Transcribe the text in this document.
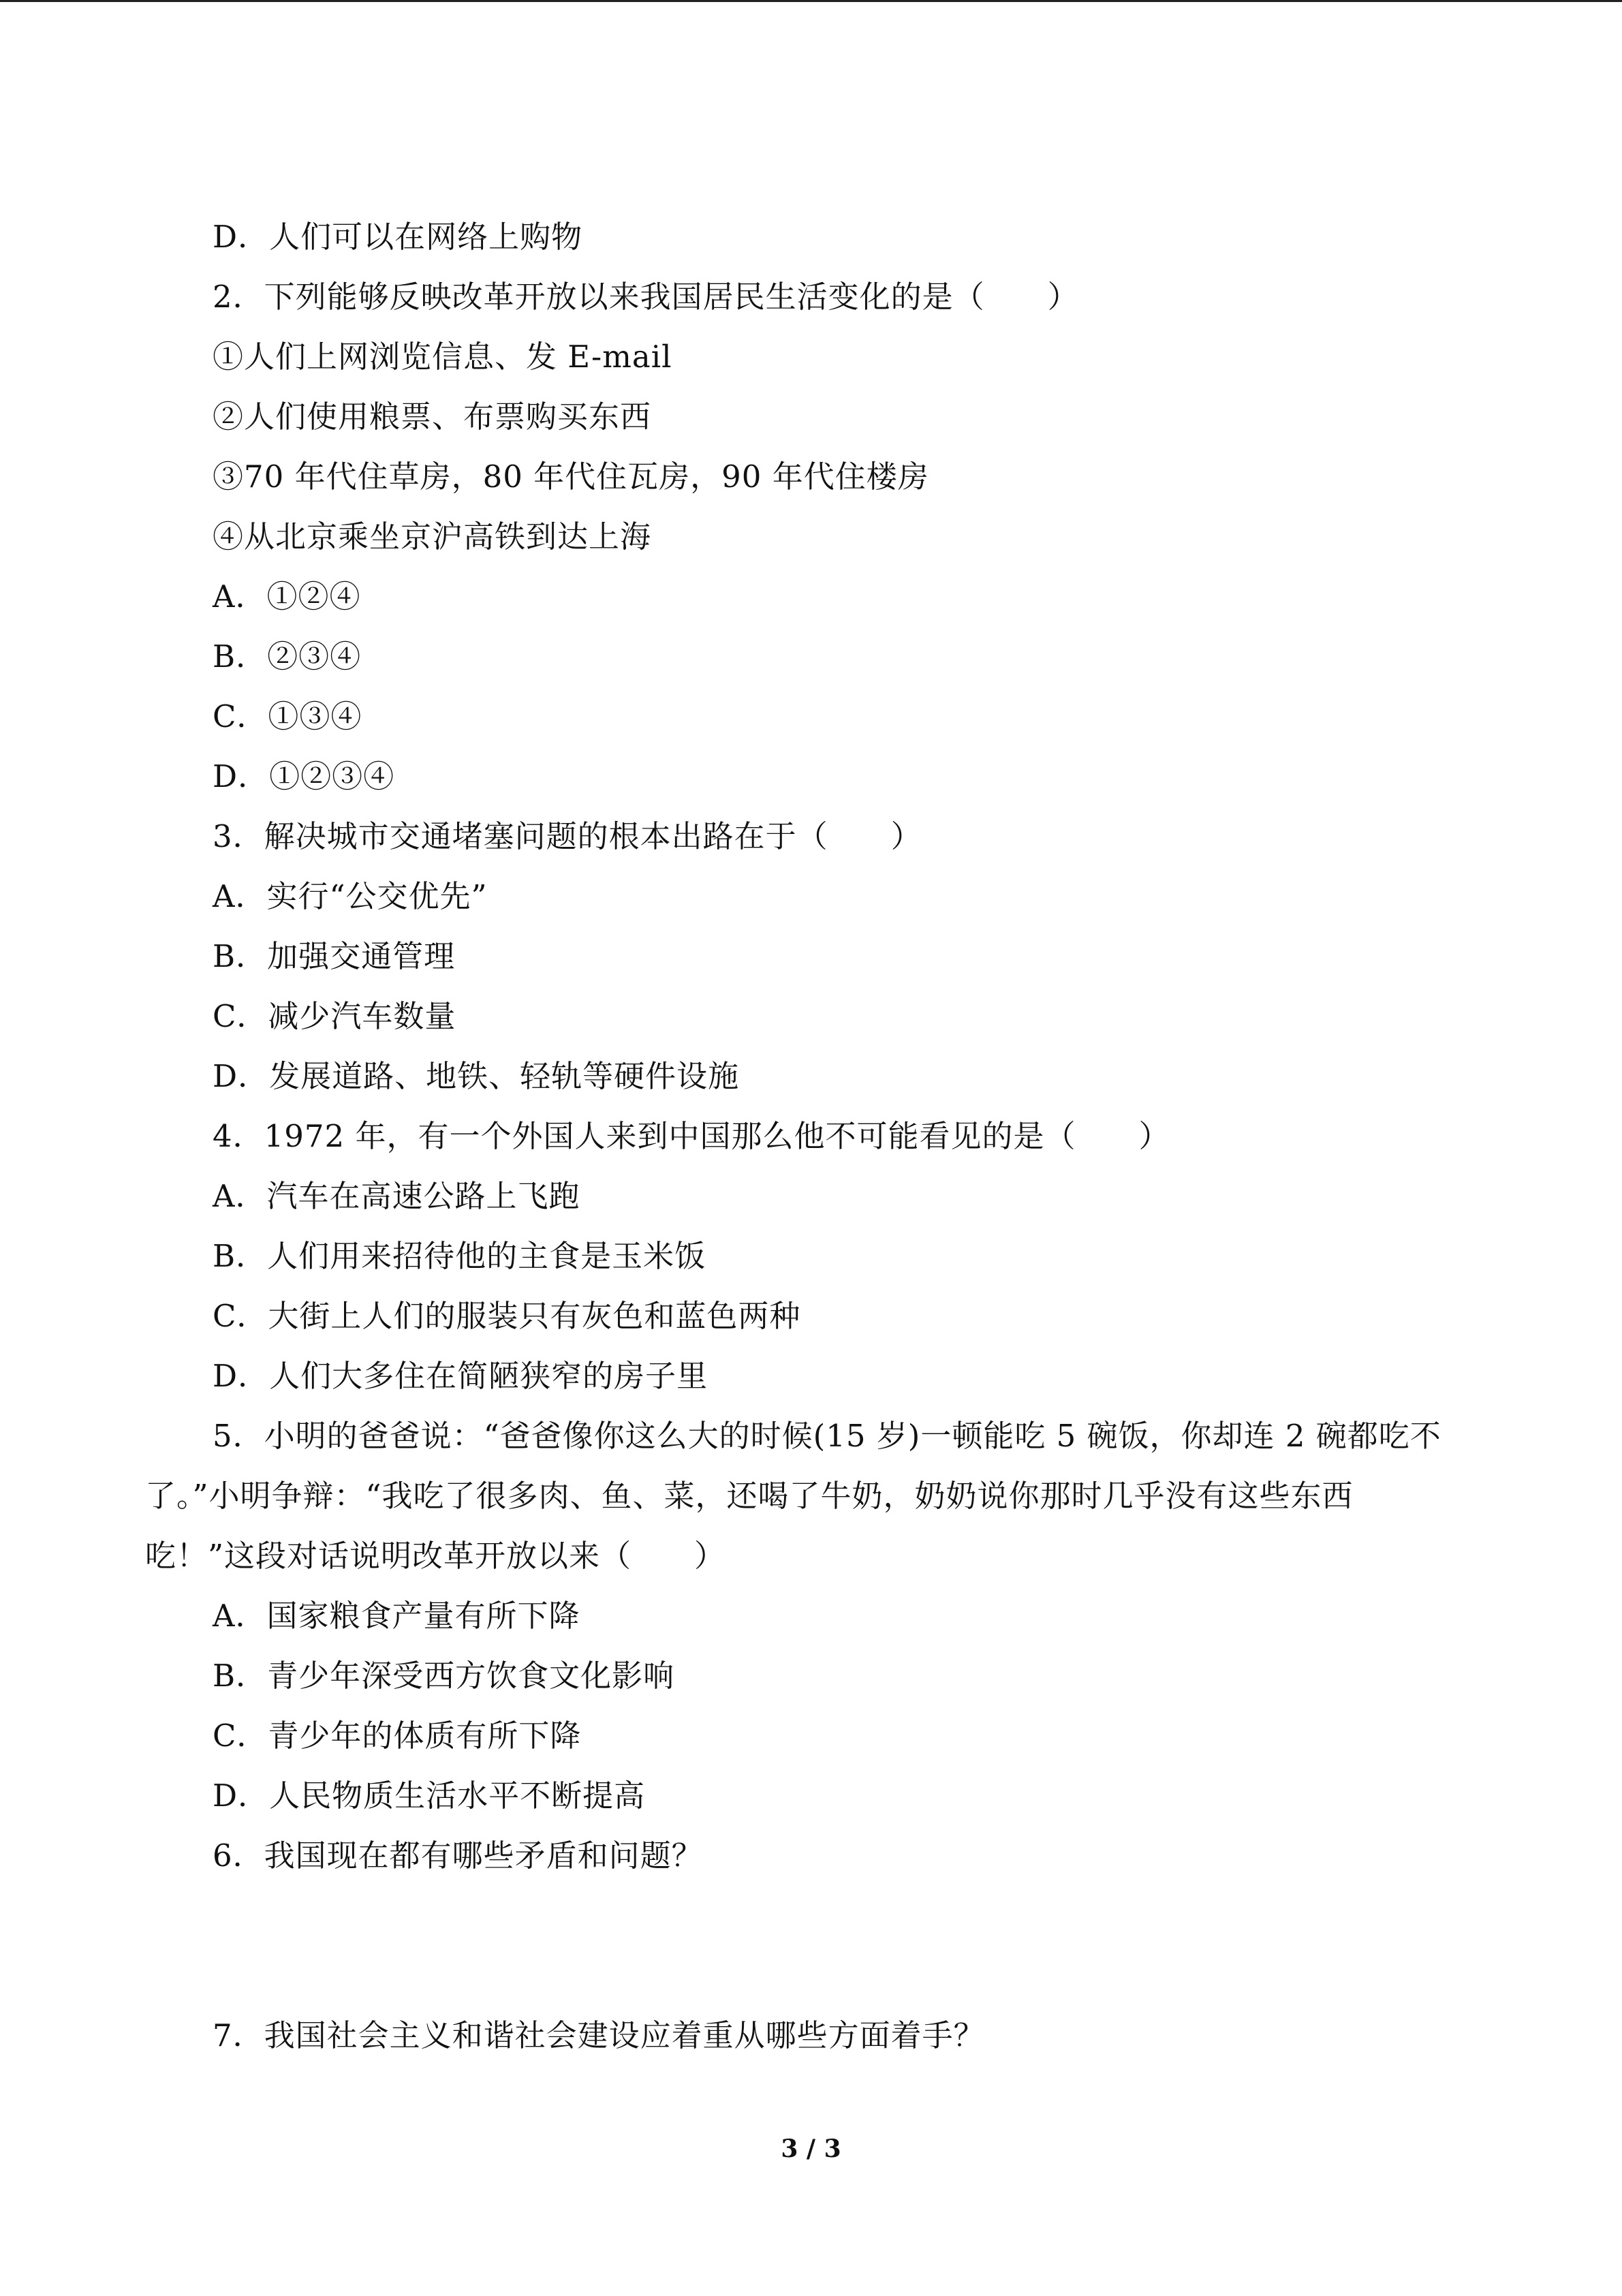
D．人们可以在网络上购物
2．下列能够反映改革开放以来我国居民生活变化的是（　　）
①人们上网浏览信息、发 E-mail
②人们使用粮票、布票购买东西
③70 年代住草房，80 年代住瓦房，90 年代住楼房
④从北京乘坐京沪高铁到达上海
A．①②④
B．②③④
C．①③④
D．①②③④
3．解决城市交通堵塞问题的根本出路在于（　　）
A．实行“公交优先”
B．加强交通管理
C．减少汽车数量
D．发展道路、地铁、轻轨等硬件设施
4．1972 年，有一个外国人来到中国那么他不可能看见的是（　　）
A．汽车在高速公路上飞跑
B．人们用来招待他的主食是玉米饭
C．大街上人们的服装只有灰色和蓝色两种
D．人们大多住在简陋狭窄的房子里
5．小明的爸爸说：“爸爸像你这么大的时候(15 岁)一顿能吃 5 碗饭，你却连 2 碗都吃不
了。”小明争辩：“我吃了很多肉、鱼、菜，还喝了牛奶，奶奶说你那时几乎没有这些东西
吃！”这段对话说明改革开放以来（　　）
A．国家粮食产量有所下降
B．青少年深受西方饮食文化影响
C．青少年的体质有所下降
D．人民物质生活水平不断提高
6．我国现在都有哪些矛盾和问题？
7．我国社会主义和谐社会建设应着重从哪些方面着手？
3 / 3
